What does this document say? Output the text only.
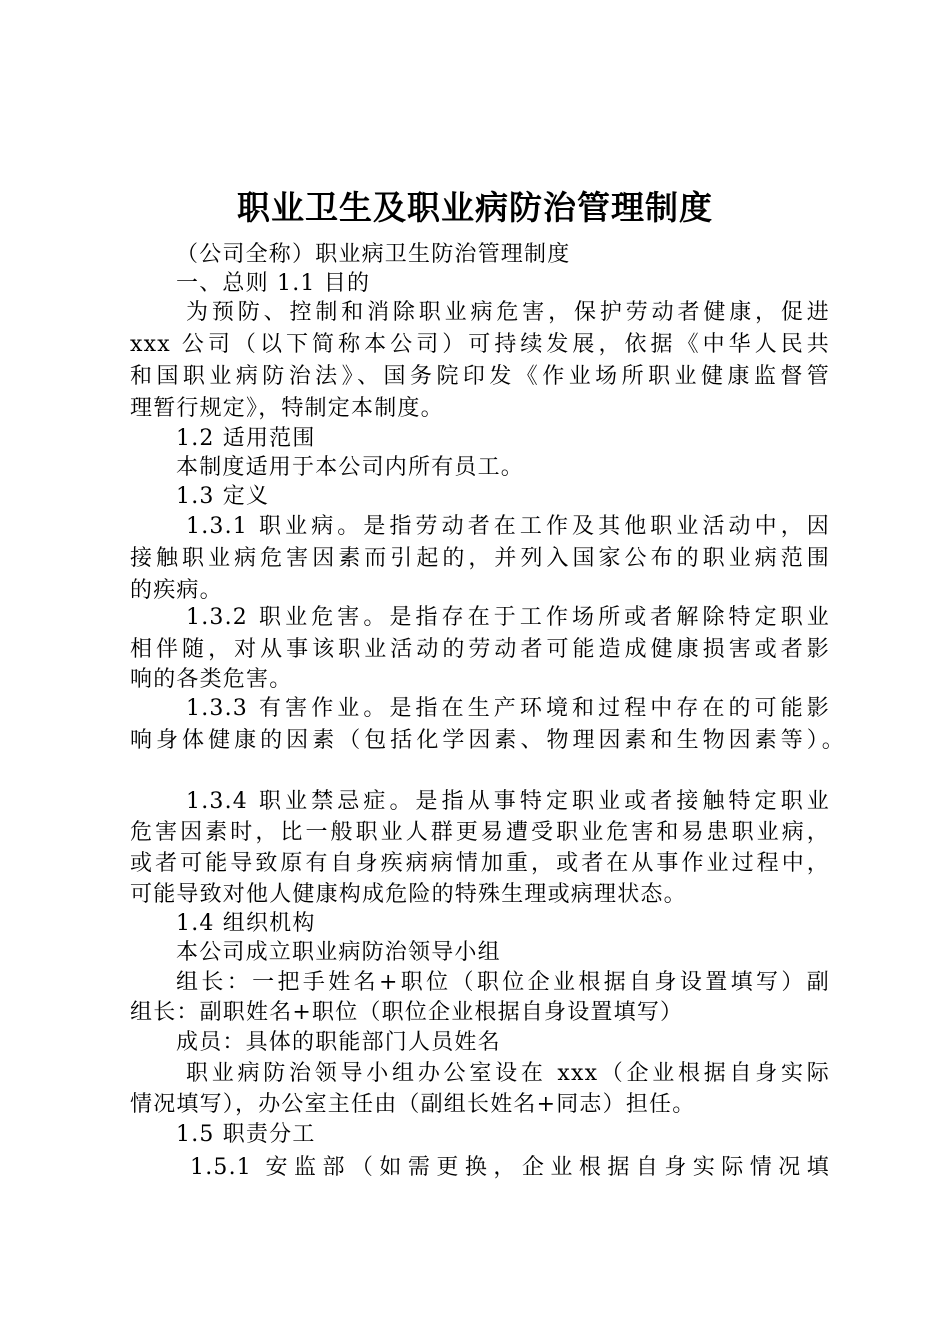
职业卫生及职业病防治管理制度
（公司全称）职业病卫生防治管理制度
一、总则 1.1 目的
为预防、控制和消除职业病危害，保护劳动者健康，促进
xxx 公司（以下简称本公司）可持续发展，依据《中华人民共
和国职业病防治法》、国务院印发《作业场所职业健康监督管
理暂行规定》，特制定本制度。
1.2 适用范围
本制度适用于本公司内所有员工。
1.3 定义
1.3.1 职业病。是指劳动者在工作及其他职业活动中，因
接触职业病危害因素而引起的，并列入国家公布的职业病范围
的疾病。
1.3.2 职业危害。是指存在于工作场所或者解除特定职业
相伴随，对从事该职业活动的劳动者可能造成健康损害或者影
响的各类危害。
1.3.3 有害作业。是指在生产环境和过程中存在的可能影
响身体健康的因素（包括化学因素、物理因素和生物因素等）。
1.3.4 职业禁忌症。是指从事特定职业或者接触特定职业
危害因素时，比一般职业人群更易遭受职业危害和易患职业病，
或者可能导致原有自身疾病病情加重，或者在从事作业过程中，
可能导致对他人健康构成危险的特殊生理或病理状态。
1.4 组织机构
本公司成立职业病防治领导小组
组长：一把手姓名+职位（职位企业根据自身设置填写）副
组长：副职姓名+职位（职位企业根据自身设置填写）
成员：具体的职能部门人员姓名
职业病防治领导小组办公室设在 xxx（企业根据自身实际
情况填写），办公室主任由（副组长姓名+同志）担任。
1.5 职责分工
1.5.1 安监部（如需更换，企业根据自身实际情况填
